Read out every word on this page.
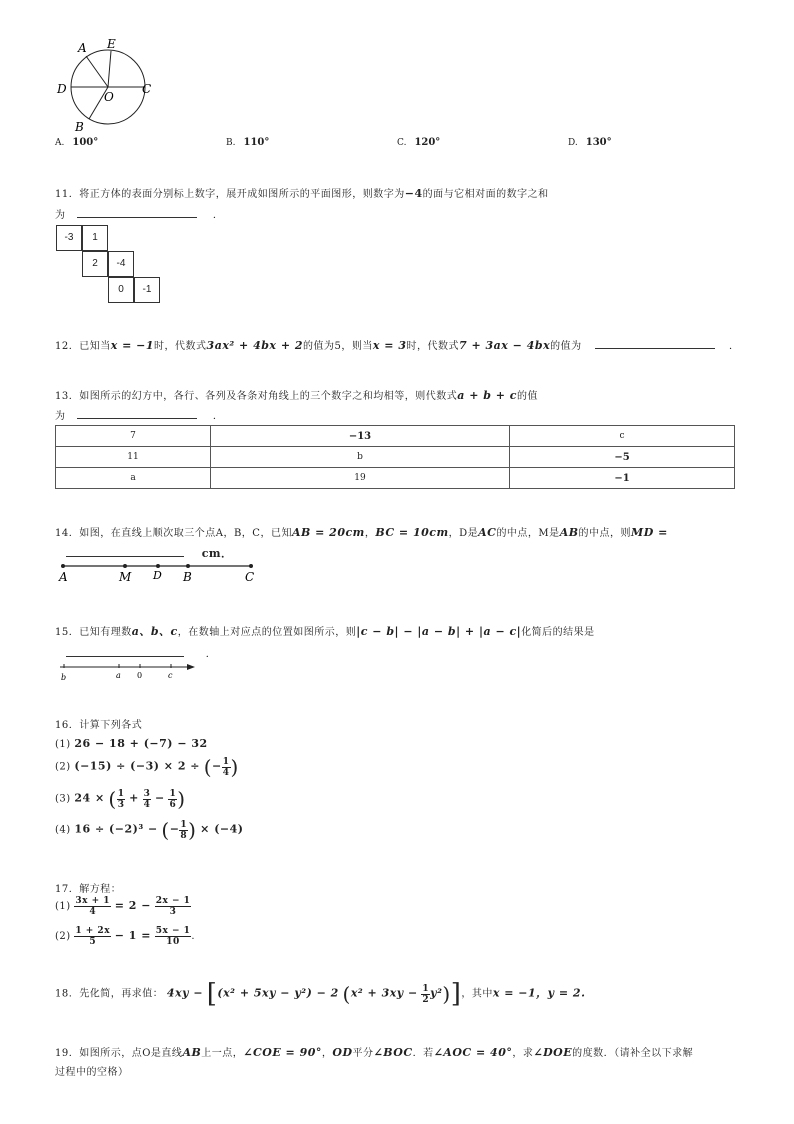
A E
D
O
C
B
A. 100°	B. 110°	C. 120°	D. 130°
11．将正方体的表面分别标上数字，展开成如图所示的平面图形，则数字为−4的面与它相对面的数字之和
为	．
-3	1
2	-4
0	-1
12．已知当x = −1时，代数式3ax² + 4bx + 2的值为5，则当x = 3时，代数式7 + 3ax − 4bx的值为	．
13．如图所示的幻方中，各行、各列及各条对角线上的三个数字之和均相等，则代数式a + b + c的值
为	．
7	−13	c
11	b	−5
a	19	−1
14．如图，在直线上顺次取三个点A，B，C，已知AB = 20cm，BC = 10cm，D是AC的中点，M是AB的中点，则MD =
cm．
A	M D B	C
15．已知有理数a、b、c，在数轴上对应点的位置如图所示，则|c − b| − |a − b| + |a − c|化简后的结果是
．
b	a 0	c
16．计算下列各式
(1) 26 − 18 + (−7) − 32
(2) (−15) ÷ (−3) × 2 ÷ (− $\frac{1}{4}$ )
(3) 24 × ( $\frac{1}{3} + \frac{3}{4} - \frac{1}{6}$ )
(4) 16 ÷ (−2)³ − (− $\frac{1}{8}$ ) × (−4)
17．解方程：
$(1) \frac{3x + 1}{4} = 2 - \frac{2x - 1}{3}$
$(2) \frac{1 + 2x}{5} - 1 = \frac{5x - 1}{10}$ .
18．先化简，再求值： 4xy − [(x² + 5xy − y²) − 2 $(x^2 + 3xy - \frac{1}{2} y^2)$]，其中x = −1，y = 2.
19．如图所示，点O是直线AB上一点，∠COE = 90°，OD平分∠BOC．若∠AOC = 40°，求∠DOE的度数．（请补全以下求解
过程中的空格）
